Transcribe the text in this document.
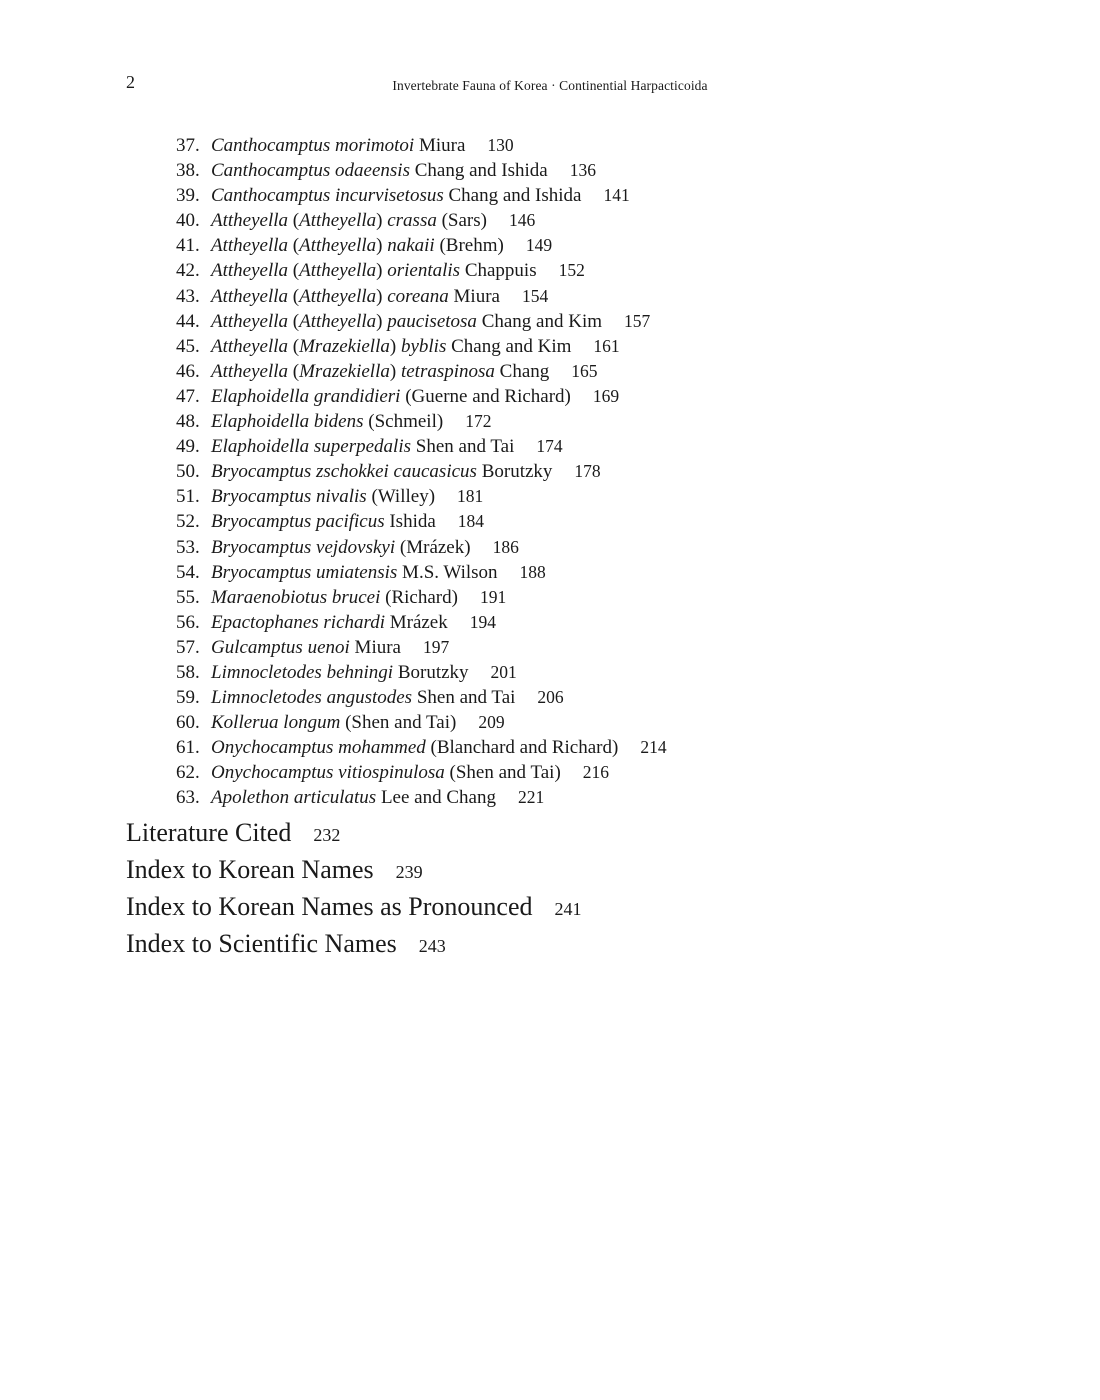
2	Invertebrate Fauna of Korea · Continential Harpacticoida
37. Canthocamptus morimotoi Miura 130
38. Canthocamptus odaeensis Chang and Ishida 136
39. Canthocamptus incurvisetosus Chang and Ishida 141
40. Attheyella (Attheyella) crassa (Sars) 146
41. Attheyella (Attheyella) nakaii (Brehm) 149
42. Attheyella (Attheyella) orientalis Chappuis 152
43. Attheyella (Attheyella) coreana Miura 154
44. Attheyella (Attheyella) paucisetosa Chang and Kim 157
45. Attheyella (Mrazekiella) byblis Chang and Kim 161
46. Attheyella (Mrazekiella) tetraspinosa Chang 165
47. Elaphoidella grandidieri (Guerne and Richard) 169
48. Elaphoidella bidens (Schmeil) 172
49. Elaphoidella superpedalis Shen and Tai 174
50. Bryocamptus zschokkei caucasicus Borutzky 178
51. Bryocamptus nivalis (Willey) 181
52. Bryocamptus pacificus Ishida 184
53. Bryocamptus vejdovskyi (Mrázek) 186
54. Bryocamptus umiatensis M.S. Wilson 188
55. Maraenobiotus brucei (Richard) 191
56. Epactophanes richardi Mrázek 194
57. Gulcamptus uenoi Miura 197
58. Limnocletodes behningi Borutzky 201
59. Limnocletodes angustodes Shen and Tai 206
60. Kollerua longum (Shen and Tai) 209
61. Onychocamptus mohammed (Blanchard and Richard) 214
62. Onychocamptus vitiospinulosa (Shen and Tai) 216
63. Apolethon articulatus Lee and Chang 221
Literature Cited 232
Index to Korean Names 239
Index to Korean Names as Pronounced 241
Index to Scientific Names 243
